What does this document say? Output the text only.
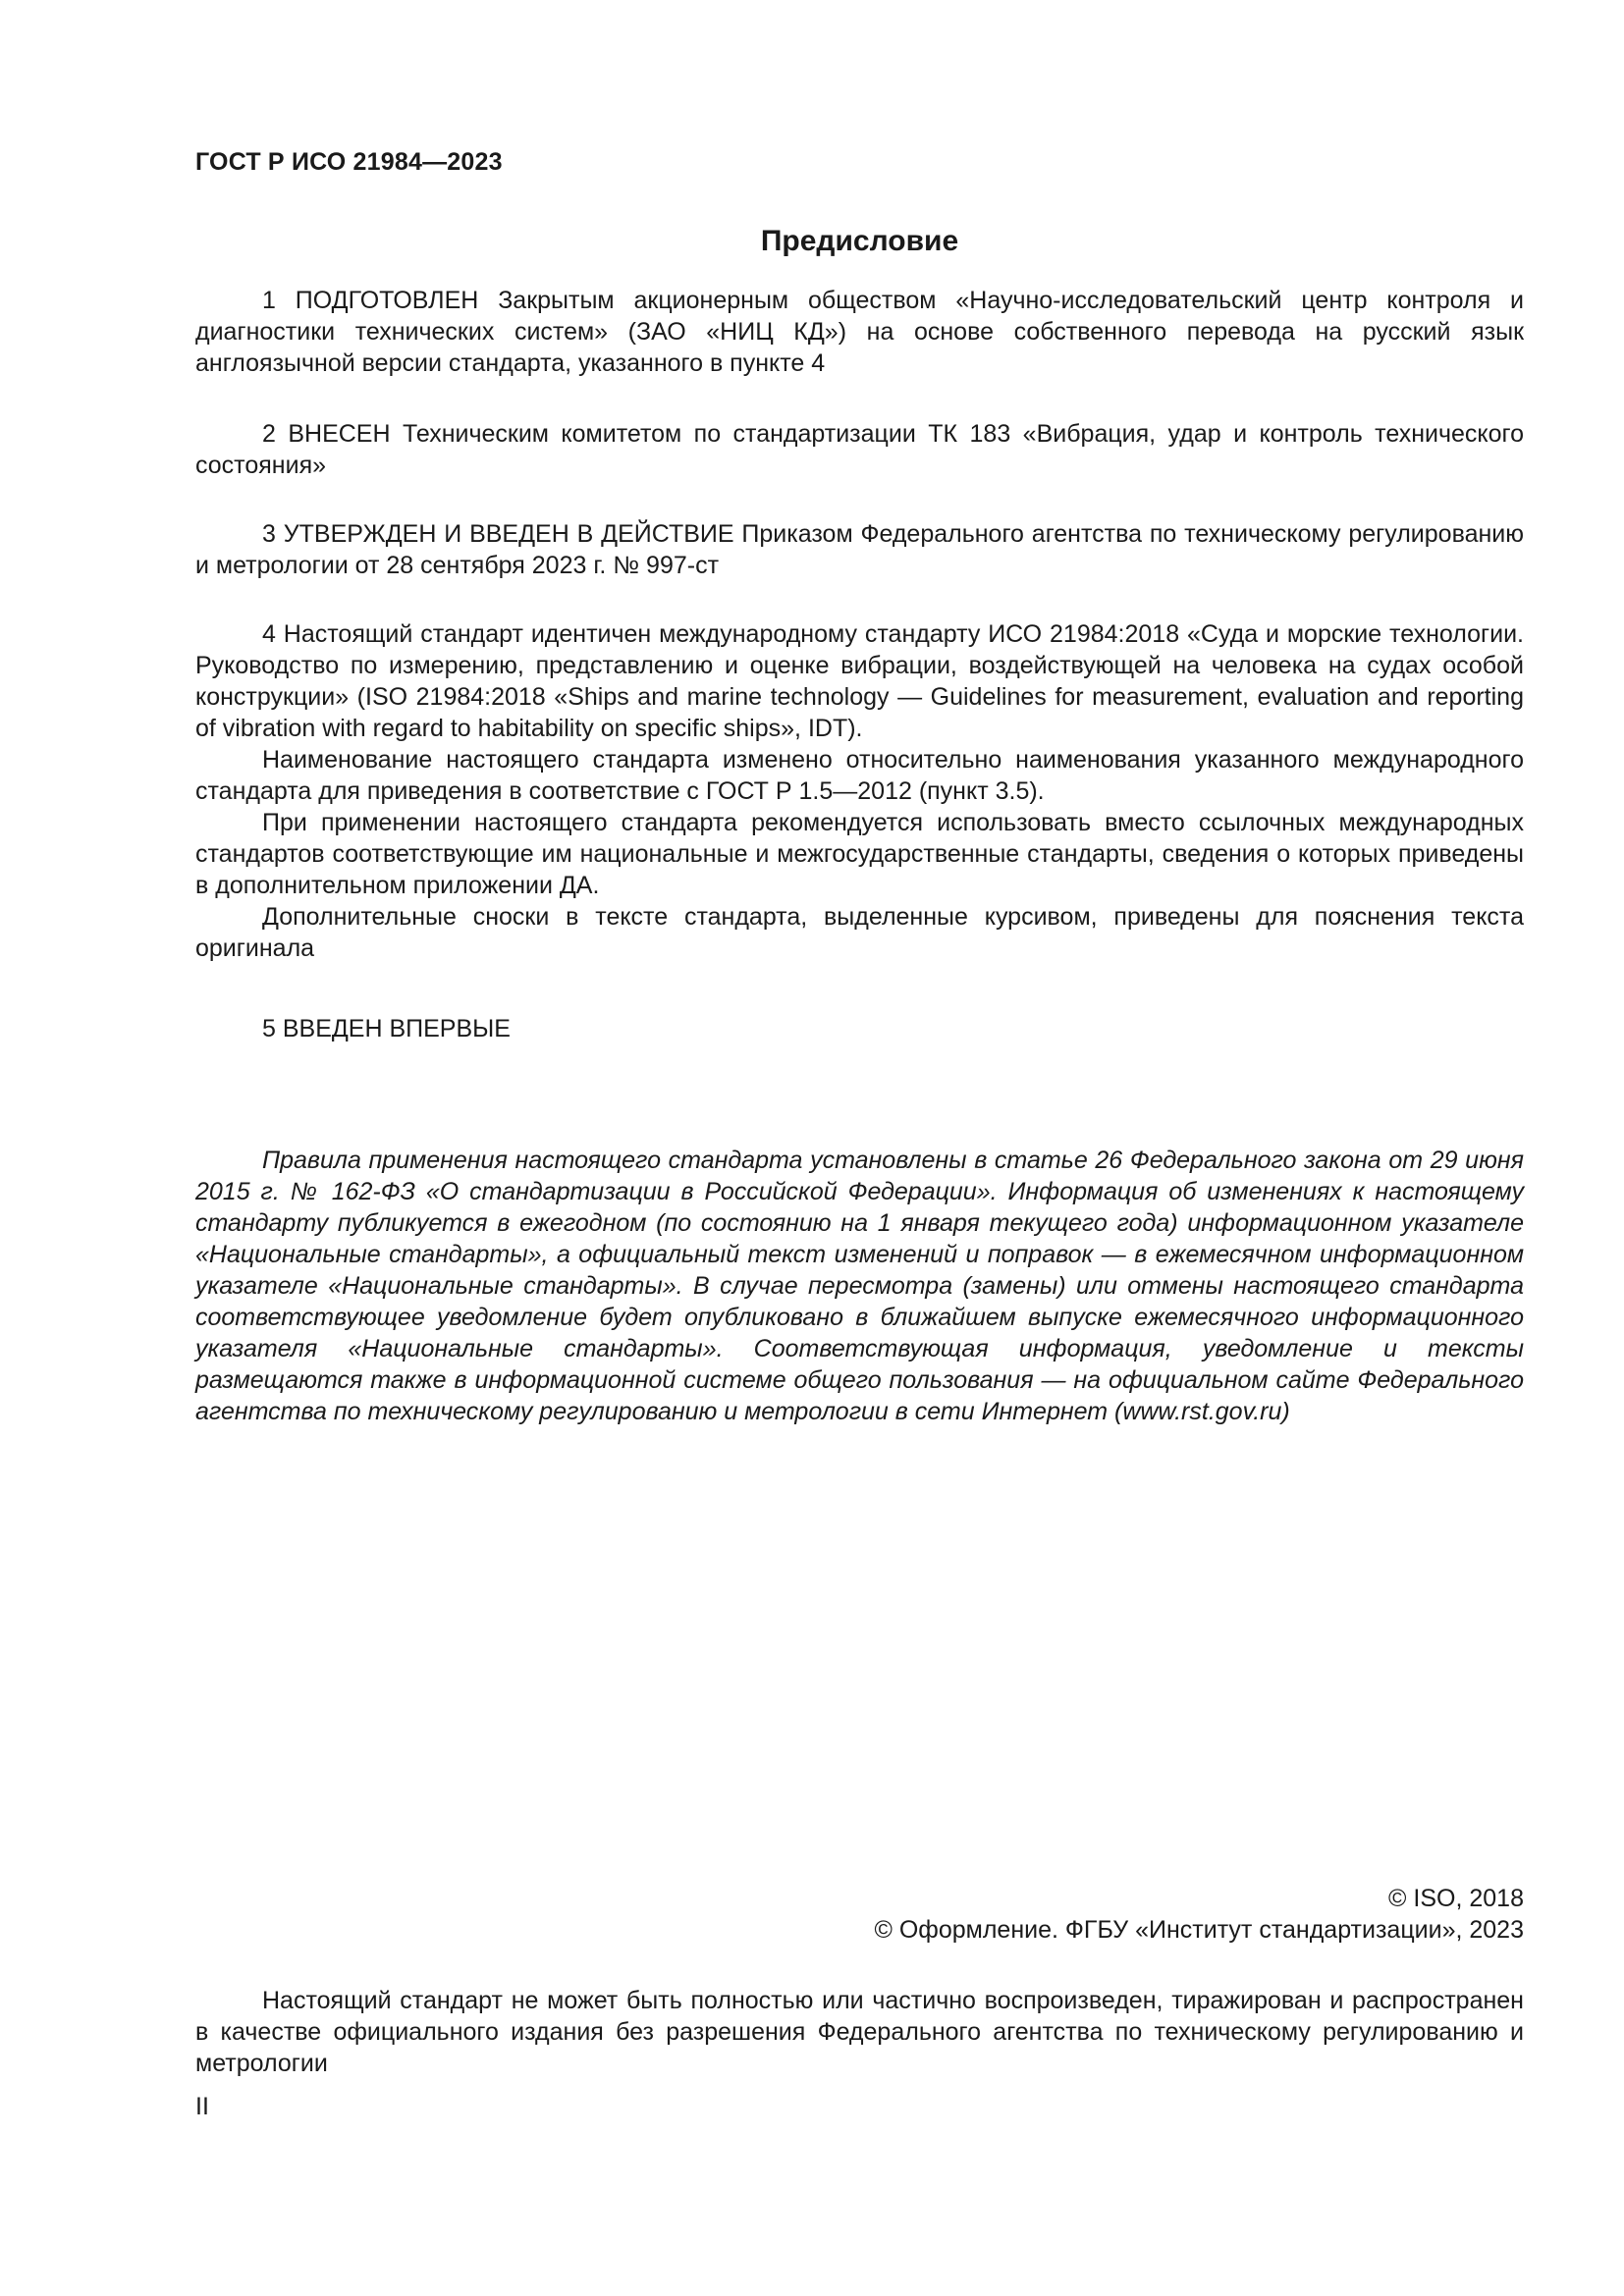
ГОСТ Р ИСО 21984—2023
Предисловие

1 ПОДГОТОВЛЕН Закрытым акционерным обществом «Научно-исследовательский центр контроля и диагностики технических систем» (ЗАО «НИЦ КД») на основе собственного перевода на русский язык англоязычной версии стандарта, указанного в пункте 4

2 ВНЕСЕН Техническим комитетом по стандартизации ТК 183 «Вибрация, удар и контроль технического состояния»

3 УТВЕРЖДЕН И ВВЕДЕН В ДЕЙСТВИЕ Приказом Федерального агентства по техническому регулированию и метрологии от 28 сентября 2023 г. № 997-ст

4 Настоящий стандарт идентичен международному стандарту ИСО 21984:2018 «Суда и морские технологии. Руководство по измерению, представлению и оценке вибрации, воздействующей на человека на судах особой конструкции» (ISO 21984:2018 «Ships and marine technology — Guidelines for measurement, evaluation and reporting of vibration with regard to habitability on specific ships», IDT).

Наименование настоящего стандарта изменено относительно наименования указанного международного стандарта для приведения в соответствие с ГОСТ Р 1.5—2012 (пункт 3.5).

При применении настоящего стандарта рекомендуется использовать вместо ссылочных международных стандартов соответствующие им национальные и межгосударственные стандарты, сведения о которых приведены в дополнительном приложении ДА.

Дополнительные сноски в тексте стандарта, выделенные курсивом, приведены для пояснения текста оригинала

5 ВВЕДЕН ВПЕРВЫЕ

Правила применения настоящего стандарта установлены в статье 26 Федерального закона от 29 июня 2015 г. № 162-ФЗ «О стандартизации в Российской Федерации». Информация об изменениях к настоящему стандарту публикуется в ежегодном (по состоянию на 1 января текущего года) информационном указателе «Национальные стандарты», а официальный текст изменений и поправок — в ежемесячном информационном указателе «Национальные стандарты». В случае пересмотра (замены) или отмены настоящего стандарта соответствующее уведомление будет опубликовано в ближайшем выпуске ежемесячного информационного указателя «Национальные стандарты». Соответствующая информация, уведомление и тексты размещаются также в информационной системе общего пользования — на официальном сайте Федерального агентства по техническому регулированию и метрологии в сети Интернет (www.rst.gov.ru)

© ISO, 2018

© Оформление. ФГБУ «Институт стандартизации», 2023

Настоящий стандарт не может быть полностью или частично воспроизведен, тиражирован и распространен в качестве официального издания без разрешения Федерального агентства по техническому регулированию и метрологии

II
